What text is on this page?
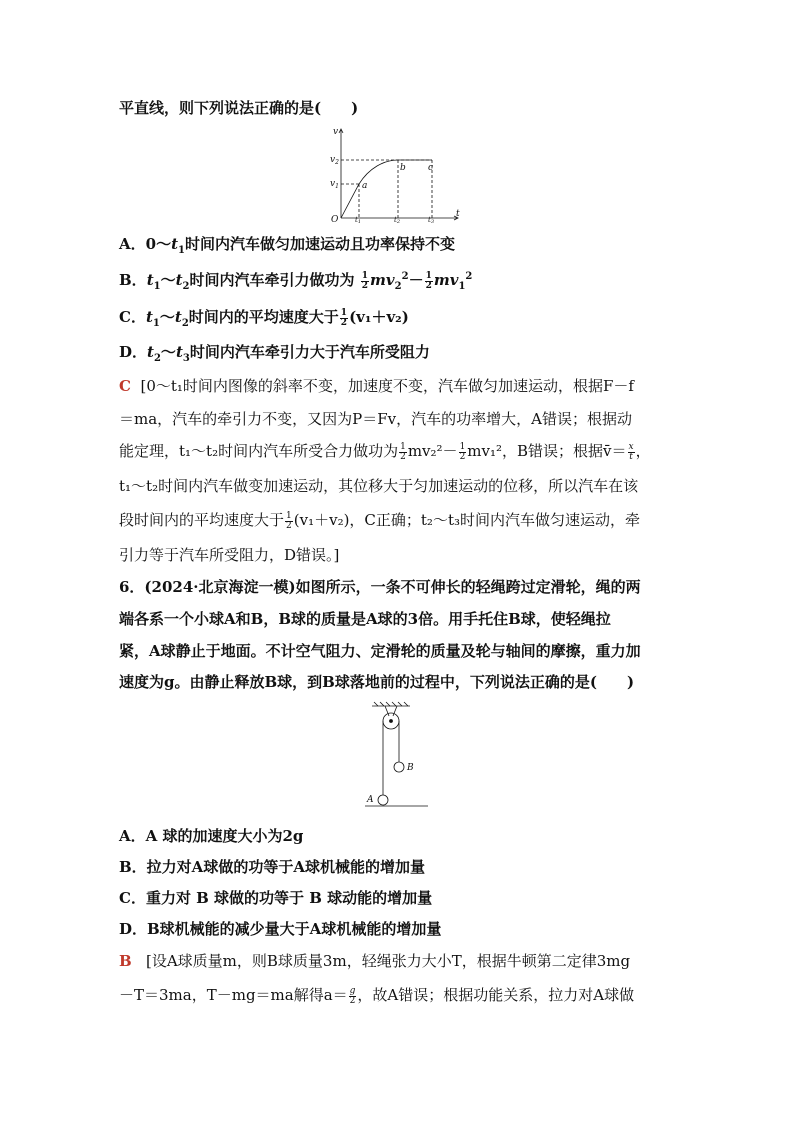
平直线，则下列说法正确的是(　　)
v
t
O
$v_1$
$v_2$
t1	t2	t3
a
b c
A．$0\sim t_1$时间内汽车做匀加速运动且功率保持不变
B．$t_1\sim t_2$时间内汽车牵引力做功为 $\frac{1}{2} mv_2^2- \frac{1}{2} mv_1^2$
C．$t_1\sim t_2$时间内的平均速度大于 $\frac{1}{2} (v_1+v_2)$
D．$t_2\sim t_3$时间内汽车牵引力大于汽车所受阻力
C [0～t₁时间内图像的斜率不变，加速度不变，汽车做匀加速运动，根据F－f
＝ma，汽车的牵引力不变，又因为P＝Fv，汽车的功率增大，A错误；根据动
能定理，t₁～t₂时间内汽车所受合力做功为 $\frac{1}{2} mv_2^2- \frac{1}{2} mv_1^2$，B错误；根据v̄＝ $\frac{x}{t}$ ，
t₁～t₂时间内汽车做变加速运动，其位移大于匀加速运动的位移，所以汽车在该
段时间内的平均速度大于 $\frac{1}{2} (v_1+v_2)$，C正确；t₂～t₃时间内汽车做匀速运动，牵
引力等于汽车所受阻力，D错误。]
6．(2024·北京海淀一模)如图所示，一条不可伸长的轻绳跨过定滑轮，绳的两
端各系一个小球A和B，B球的质量是A球的3倍。用手托住B球，使轻绳拉
紧，A球静止于地面。不计空气阻力、定滑轮的质量及轮与轴间的摩擦，重力加
速度为g。由静止释放B球，到B球落地前的过程中，下列说法正确的是(　　)
B
A
A．A 球的加速度大小为2g
B．拉力对A球做的功等于A球机械能的增加量
C．重力对 B 球做的功等于 B 球动能的增加量
D．B球机械能的减少量大于A球机械能的增加量
B [设A球质量m，则B球质量3m，轻绳张力大小T，根据牛顿第二定律3mg
－T＝3ma，T－mg＝ma解得$a= \frac{g}{2}$ ，故A错误；根据功能关系，拉力对A球做
